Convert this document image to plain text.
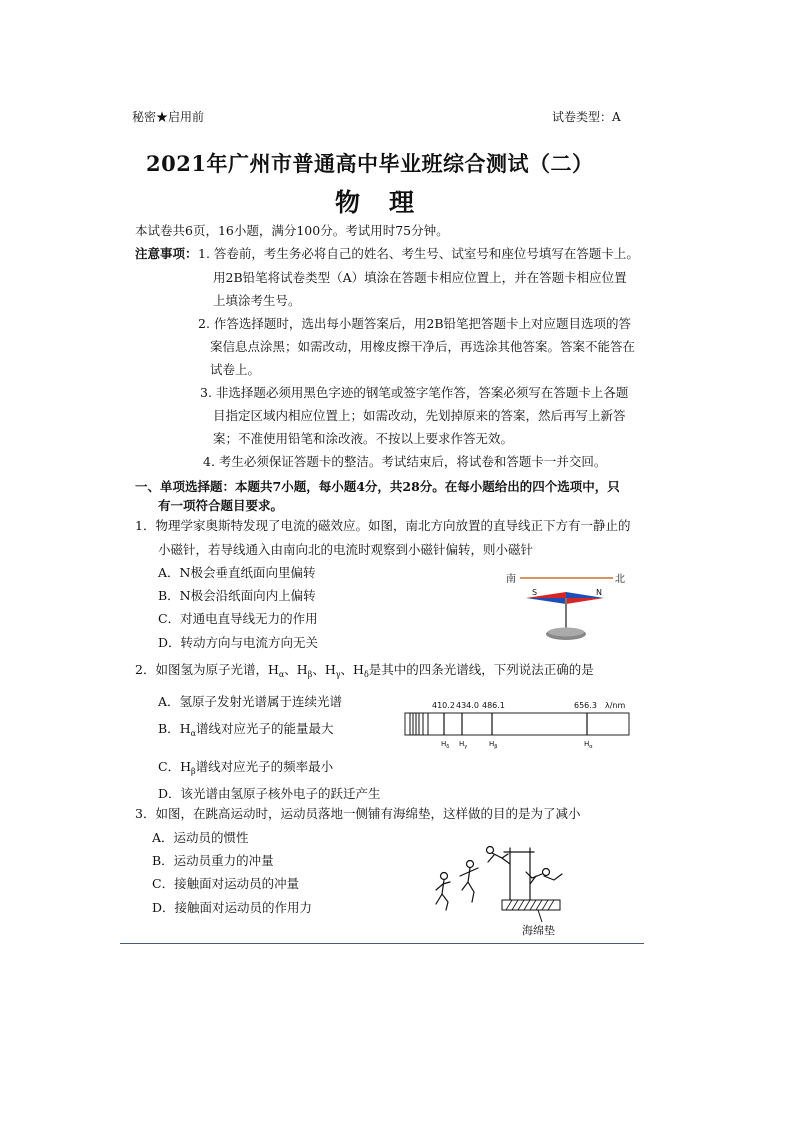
秘密★启用前	试卷类型：A
2021年广州市普通高中毕业班综合测试（二）
物　理
本试卷共6页，16小题，满分100分。考试用时75分钟。
注意事项： 1. 答卷前，考生务必将自己的姓名、考生号、试室号和座位号填写在答题卡上。
用2B铅笔将试卷类型（A）填涂在答题卡相应位置上，并在答题卡相应位置
上填涂考生号。
2. 作答选择题时，选出每小题答案后，用2B铅笔把答题卡上对应题目选项的答
案信息点涂黑；如需改动，用橡皮擦干净后，再选涂其他答案。答案不能答在
试卷上。
3. 非选择题必须用黑色字迹的钢笔或签字笔作答，答案必须写在答题卡上各题
目指定区域内相应位置上；如需改动，先划掉原来的答案，然后再写上新答
案；不准使用铅笔和涂改液。不按以上要求作答无效。
4. 考生必须保证答题卡的整洁。考试结束后，将试卷和答题卡一并交回。
一、单项选择题：本题共7小题，每小题4分，共28分。在每小题给出的四个选项中，只
有一项符合题目要求。
1．物理学家奥斯特发现了电流的磁效应。如图，南北方向放置的直导线正下方有一静止的
小磁针，若导线通入由南向北的电流时观察到小磁针偏转，则小磁针
A．N极会垂直纸面向里偏转
B．N极会沿纸面向内上偏转
C．对通电直导线无力的作用
D．转动方向与电流方向无关
南	北
S	N
2．如图氢为原子光谱，$H_\alpha$、$H_\beta$、$H_\gamma$、$H_\delta$是其中的四条光谱线，下列说法正确的是
A．氢原子发射光谱属于连续光谱
B．$H_\alpha$谱线对应光子的能量最大
C．$H_\beta$谱线对应光子的频率最小
D．该光谱由氢原子核外电子的跃迁产生
410.2 434.0 486.1	656.3 λ/nm
$H_\delta$ $H_\gamma$	$H_\beta$	$H_\alpha$
3．如图，在跳高运动时，运动员落地一侧铺有海绵垫，这样做的目的是为了减小
A．运动员的惯性
B．运动员重力的冲量
C．接触面对运动员的冲量
D．接触面对运动员的作用力
海绵垫
